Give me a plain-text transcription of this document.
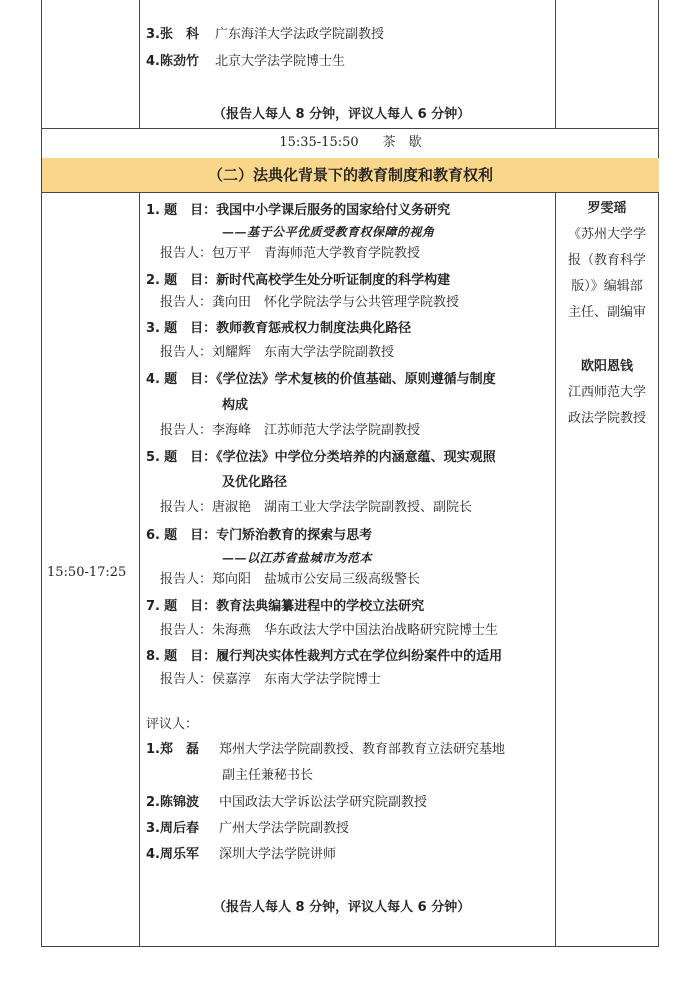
3.张　科 广东海洋大学法政学院副教授
4.陈劲竹 北京大学法学院博士生
（报告人每人 8 分钟，评议人每人 6 分钟）
15:35-15:50 茶　歇
（二）法典化背景下的教育制度和教育权利
15:50-17:25
1. 题　目：我国中小学课后服务的国家给付义务研究
——基于公平优质受教育权保障的视角
报告人：包万平　青海师范大学教育学院教授
2. 题　目：新时代高校学生处分听证制度的科学构建
报告人：龚向田　怀化学院法学与公共管理学院教授
3. 题　目：教师教育惩戒权力制度法典化路径
报告人：刘耀辉　东南大学法学院副教授
4. 题　目：《学位法》学术复核的价值基础、原则遵循与制度
构成
报告人：李海峰　江苏师范大学法学院副教授
5. 题　目：《学位法》中学位分类培养的内涵意蕴、现实观照
及优化路径
报告人：唐淑艳　湖南工业大学法学院副教授、副院长
6. 题　目：专门矫治教育的探索与思考
——以江苏省盐城市为范本
报告人：郑向阳　盐城市公安局三级高级警长
7. 题　目：教育法典编纂进程中的学校立法研究
报告人：朱海燕　华东政法大学中国法治战略研究院博士生
8. 题　目：履行判决实体性裁判方式在学位纠纷案件中的适用
报告人：侯嘉淳　东南大学法学院博士
评议人：
1.郑　磊 郑州大学法学院副教授、教育部教育立法研究基地
副主任兼秘书长
2.陈锦波 中国政法大学诉讼法学研究院副教授
3.周后春 广州大学法学院副教授
4.周乐军 深圳大学法学院讲师
（报告人每人 8 分钟，评议人每人 6 分钟）
罗雯瑶
《苏州大学学
报（教育科学
版）》编辑部
主任、副编审
欧阳恩钱
江西师范大学
政法学院教授
